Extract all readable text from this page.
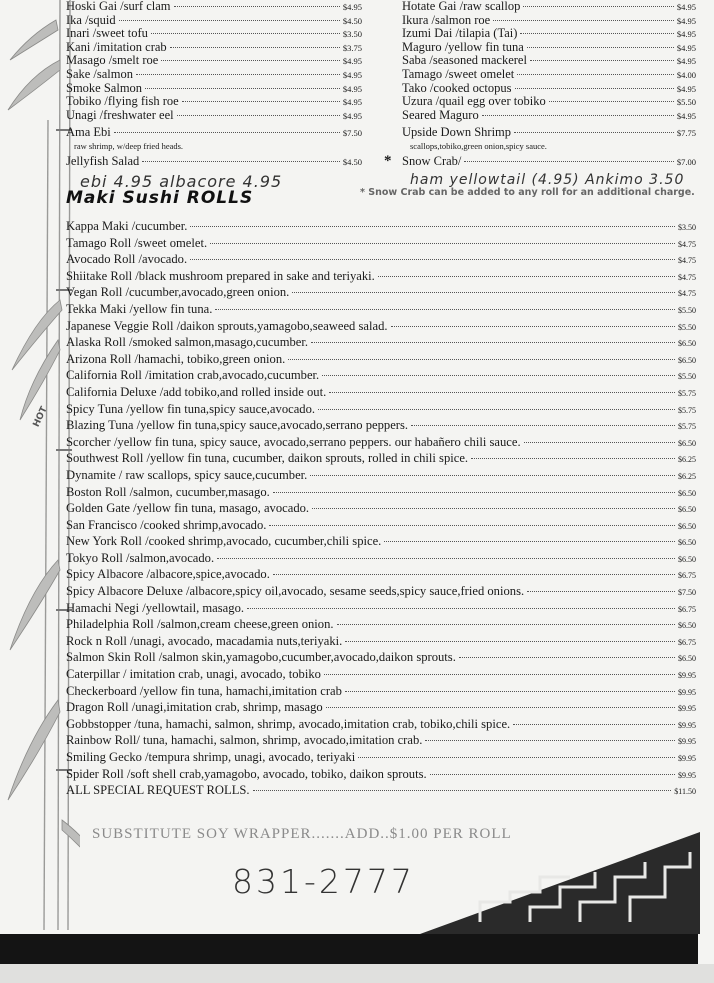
Hoski Gai /surf clam	$4.95
Ika /squid	$4.50
Inari /sweet tofu	$3.50
Kani /imitation crab	$3.75
Masago /smelt roe	$4.95
Sake /salmon	$4.95
Smoke Salmon	$4.95
Tobiko /flying fish roe	$4.95
Unagi /freshwater eel	$4.95
Ama Ebi	$7.50
raw shrimp, w/deep fried heads.
Jellyfish Salad	$4.50
Hotate Gai /raw scallop	$4.95
Ikura /salmon roe	$4.95
Izumi Dai /tilapia (Tai)	$4.95
Maguro /yellow fin tuna	$4.95
Saba /seasoned mackerel	$4.95
Tamago /sweet omelet	$4.00
Tako /cooked octopus	$4.95
Uzura /quail egg over tobiko	$5.50
Seared Maguro	$4.95
Upside Down Shrimp	$7.75
scallops,tobiko,green onion,spicy sauce.
* Snow Crab/	$7.00
ebi 4.95 albacore 4.95	ham yellowtail (4.95) Ankimo 3.50
Maki Sushi ROLLS	* Snow Crab can be added to any roll for an additional charge.
HOT
Kappa Maki /cucumber.	$3.50
Tamago Roll /sweet omelet.	$4.75
Avocado Roll /avocado.	$4.75
Shiitake Roll /black mushroom prepared in sake and teriyaki.	$4.75
Vegan Roll /cucumber,avocado,green onion.	$4.75
Tekka Maki /yellow fin tuna.	$5.50
Japanese Veggie Roll /daikon sprouts,yamagobo,seaweed salad.	$5.50
Alaska Roll /smoked salmon,masago,cucumber.	$6.50
Arizona Roll /hamachi, tobiko,green onion.	$6.50
California Roll /imitation crab,avocado,cucumber.	$5.50
California Deluxe /add tobiko,and rolled inside out.	$5.75
Spicy Tuna /yellow fin tuna,spicy sauce,avocado.	$5.75
Blazing Tuna /yellow fin tuna,spicy sauce,avocado,serrano peppers.	$5.75
Scorcher /yellow fin tuna, spicy sauce, avocado,serrano peppers. our habañero chili sauce.	$6.50
Southwest Roll /yellow fin tuna, cucumber, daikon sprouts, rolled in chili spice.	$6.25
Dynamite / raw scallops, spicy sauce,cucumber.	$6.25
Boston Roll /salmon, cucumber,masago.	$6.50
Golden Gate /yellow fin tuna, masago, avocado.	$6.50
San Francisco /cooked shrimp,avocado.	$6.50
New York Roll /cooked shrimp,avocado, cucumber,chili spice.	$6.50
Tokyo Roll /salmon,avocado.	$6.50
Spicy Albacore /albacore,spice,avocado.	$6.75
Spicy Albacore Deluxe /albacore,spicy oil,avocado, sesame seeds,spicy sauce,fried onions.	$7.50
Hamachi Negi /yellowtail, masago.	$6.75
Philadelphia Roll /salmon,cream cheese,green onion.	$6.50
Rock n Roll /unagi, avocado, macadamia nuts,teriyaki.	$6.75
Salmon Skin Roll /salmon skin,yamagobo,cucumber,avocado,daikon sprouts.	$6.50
Caterpillar / imitation crab, unagi, avocado, tobiko	$9.95
Checkerboard /yellow fin tuna, hamachi,imitation crab	$9.95
Dragon Roll /unagi,imitation crab, shrimp, masago	$9.95
Gobbstopper /tuna, hamachi, salmon, shrimp, avocado,imitation crab, tobiko,chili spice.	$9.95
Rainbow Roll/ tuna, hamachi, salmon, shrimp, avocado,imitation crab.	$9.95
Smiling Gecko /tempura shrimp, unagi, avocado, teriyaki	$9.95
Spider Roll /soft shell crab,yamagobo, avocado, tobiko, daikon sprouts.	$9.95
ALL SPECIAL REQUEST ROLLS.	$11.50
SUBSTITUTE SOY WRAPPER.......ADD..$1.00 PER ROLL
831-2777
